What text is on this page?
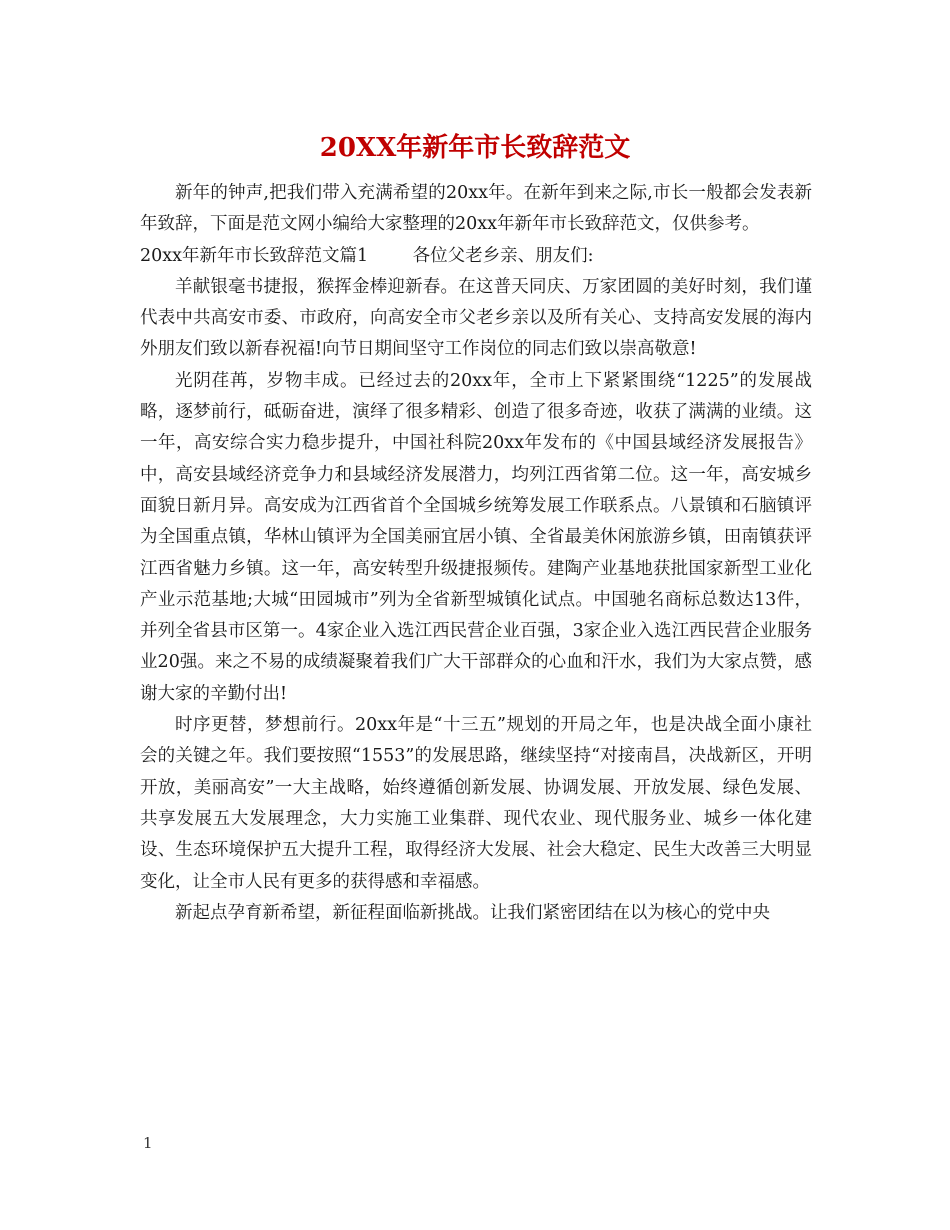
20XX年新年市长致辞范文

新年的钟声,把我们带入充满希望的20xx年。在新年到来之际,市长一般都会发表新年致辞，下面是范文网小编给大家整理的20xx年新年市长致辞范文，仅供参考。

20xx年新年市长致辞范文篇1	各位父老乡亲、朋友们:

羊献银毫书捷报，猴挥金棒迎新春。在这普天同庆、万家团圆的美好时刻，我们谨代表中共高安市委、市政府，向高安全市父老乡亲以及所有关心、支持高安发展的海内外朋友们致以新春祝福!向节日期间坚守工作岗位的同志们致以崇高敬意!

光阴荏苒，岁物丰成。已经过去的20xx年，全市上下紧紧围绕“1225”的发展战略，逐梦前行，砥砺奋进，演绎了很多精彩、创造了很多奇迹，收获了满满的业绩。这一年，高安综合实力稳步提升，中国社科院20xx年发布的《中国县域经济发展报告》中，高安县域经济竞争力和县域经济发展潜力，均列江西省第二位。这一年，高安城乡面貌日新月异。高安成为江西省首个全国城乡统筹发展工作联系点。八景镇和石脑镇评为全国重点镇，华林山镇评为全国美丽宜居小镇、全省最美休闲旅游乡镇，田南镇获评江西省魅力乡镇。这一年，高安转型升级捷报频传。建陶产业基地获批国家新型工业化产业示范基地;大城“田园城市”列为全省新型城镇化试点。中国驰名商标总数达13件，并列全省县市区第一。4家企业入选江西民营企业百强，3家企业入选江西民营企业服务业20强。来之不易的成绩凝聚着我们广大干部群众的心血和汗水，我们为大家点赞，感谢大家的辛勤付出!

时序更替，梦想前行。20xx年是“十三五”规划的开局之年，也是决战全面小康社会的关键之年。我们要按照“1553”的发展思路，继续坚持“对接南昌，决战新区，开明开放，美丽高安”一大主战略，始终遵循创新发展、协调发展、开放发展、绿色发展、共享发展五大发展理念，大力实施工业集群、现代农业、现代服务业、城乡一体化建设、生态环境保护五大提升工程，取得经济大发展、社会大稳定、民生大改善三大明显变化，让全市人民有更多的获得感和幸福感。

新起点孕育新希望，新征程面临新挑战。让我们紧密团结在以为核心的党中央

1
